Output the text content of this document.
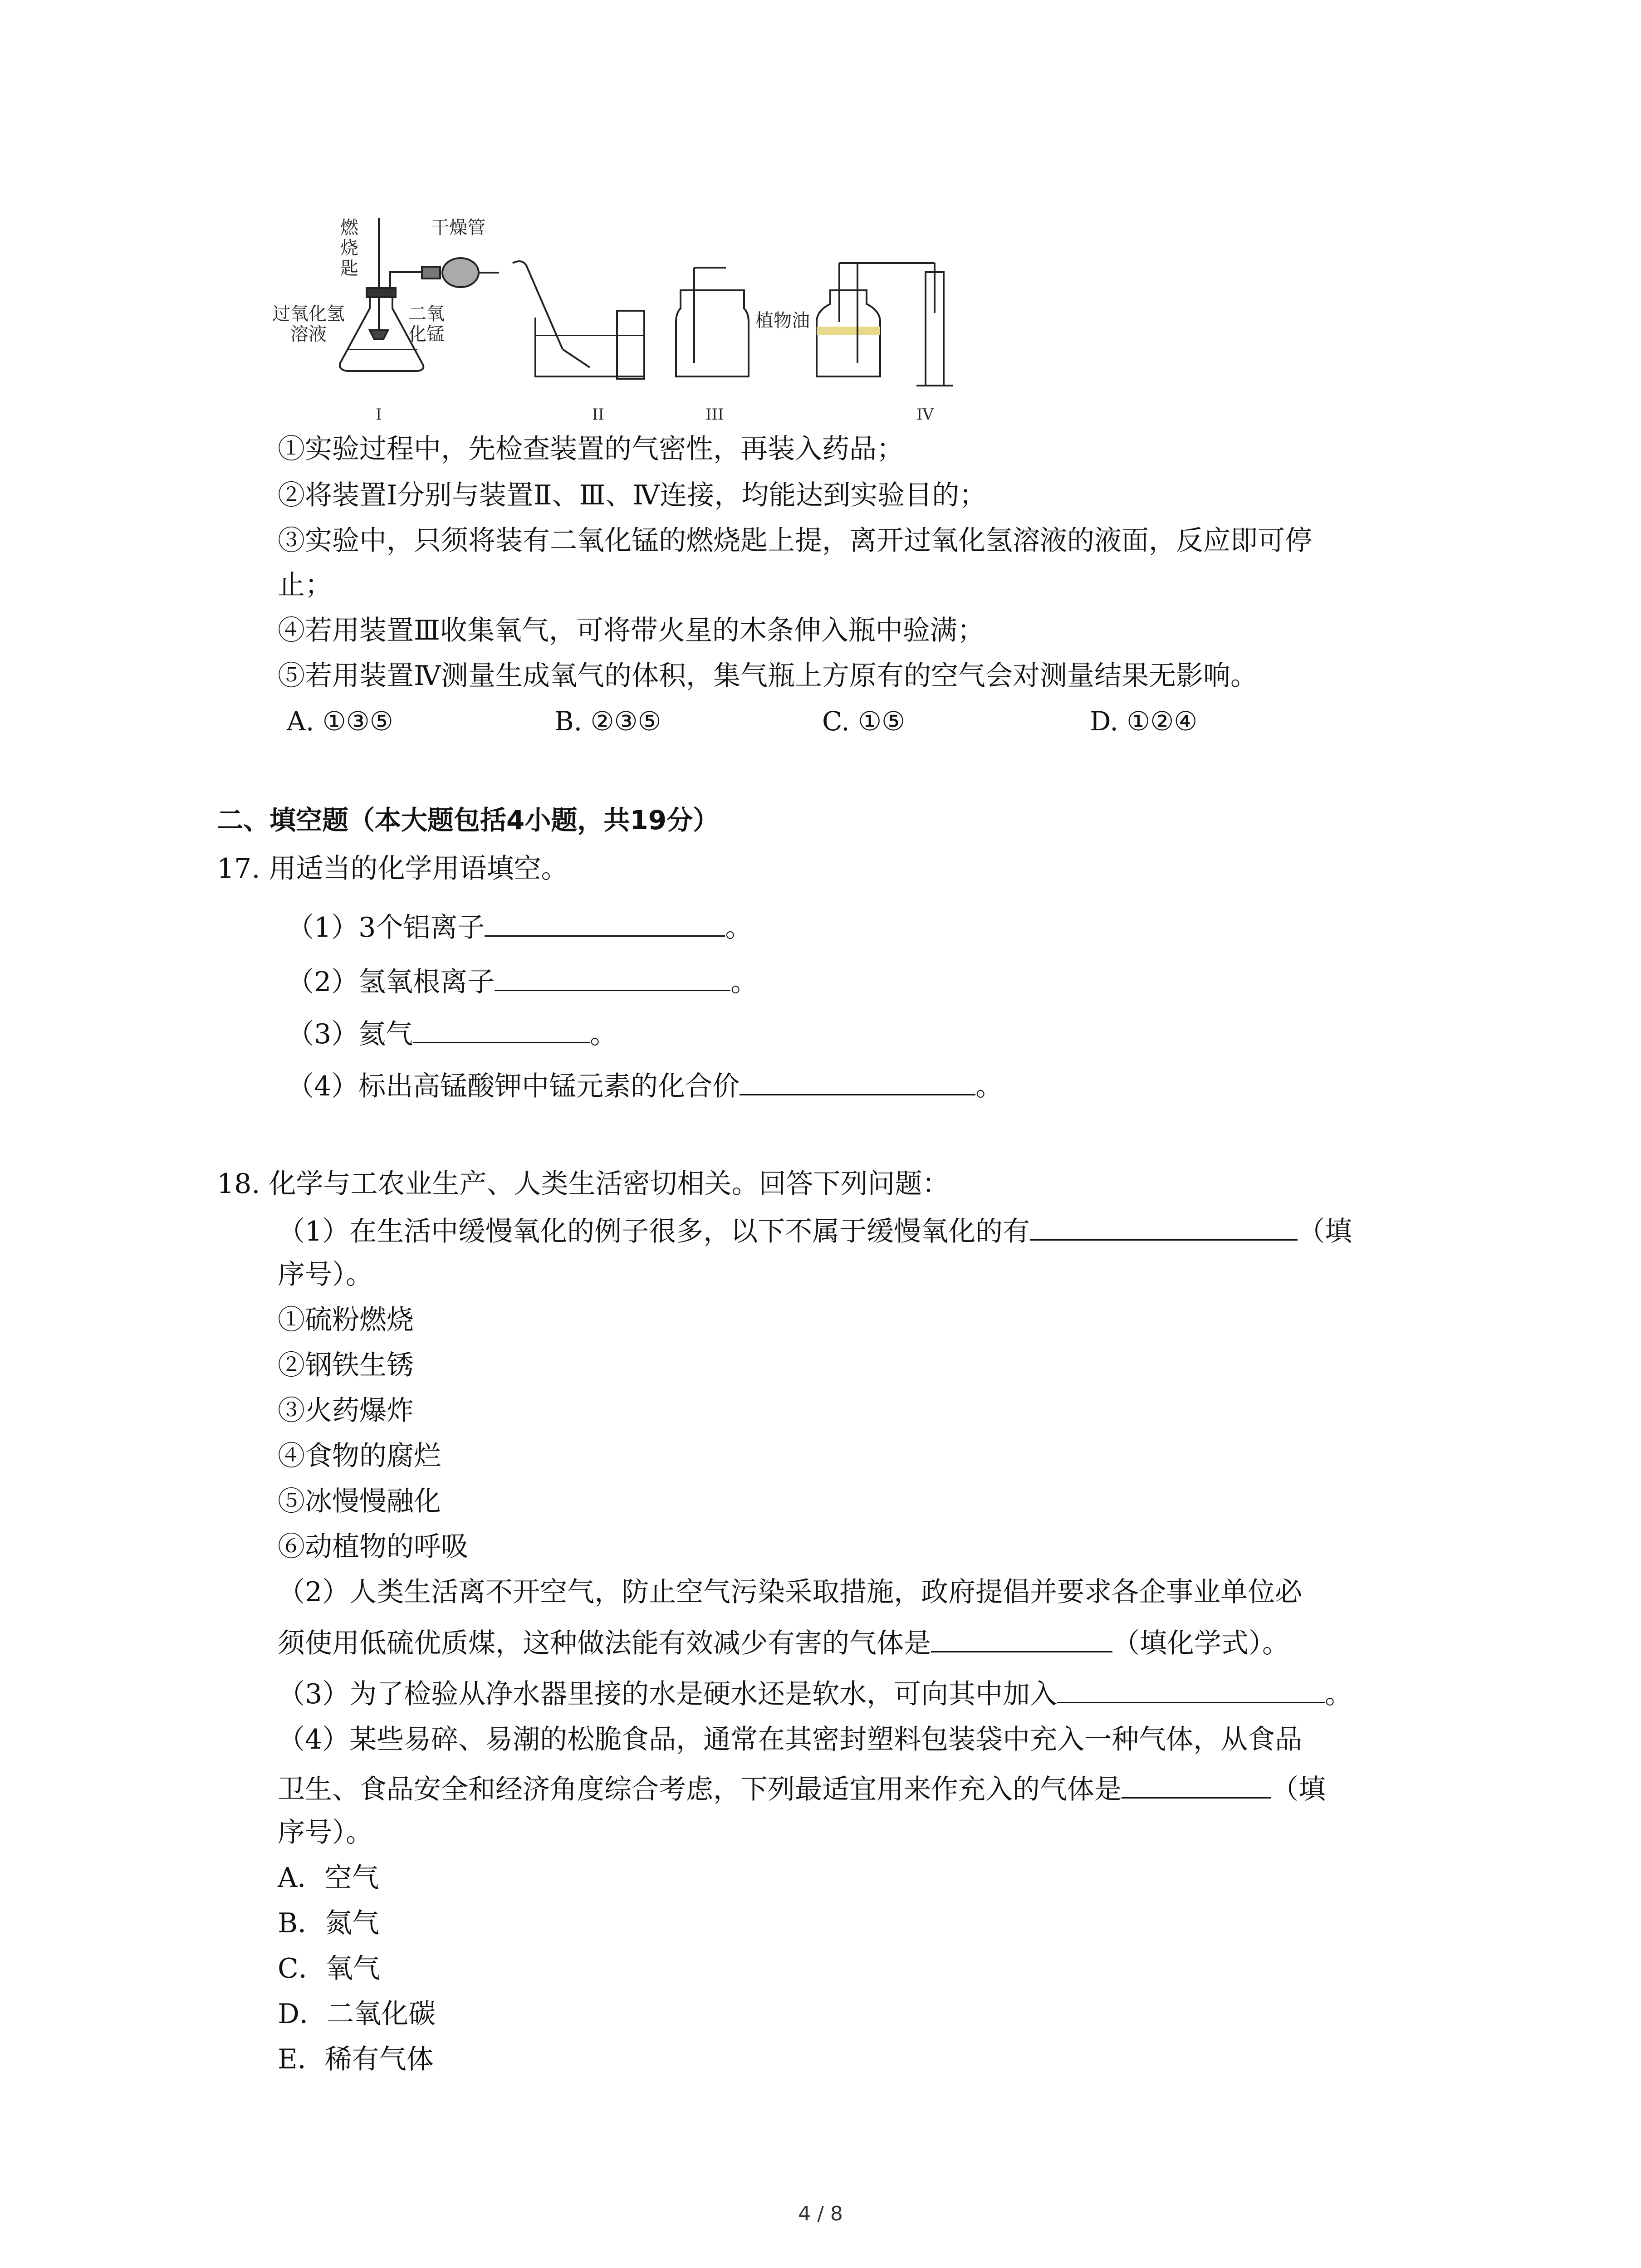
燃
烧
匙
干燥管
过氧化氢
溶液
二氧
化锰
I	II	III
植物油
IV
①实验过程中，先检查装置的气密性，再装入药品；
②将装置Ⅰ分别与装置Ⅱ、Ⅲ、Ⅳ连接，均能达到实验目的；
③实验中，只须将装有二氧化锰的燃烧匙上提，离开过氧化氢溶液的液面，反应即可停
止；
④若用装置Ⅲ收集氧气，可将带火星的木条伸入瓶中验满；
⑤若用装置Ⅳ测量生成氧气的体积，集气瓶上方原有的空气会对测量结果无影响。
A. ①③⑤	B. ②③⑤	C. ①⑤	D. ①②④
二、填空题（本大题包括4小题，共19分）
17. 用适当的化学用语填空。
（1）3个铝离子	。
（2）氢氧根离子	。
（3）氦气	。
（4）标出高锰酸钾中锰元素的化合价	。
18. 化学与工农业生产、人类生活密切相关。回答下列问题：
（1）在生活中缓慢氧化的例子很多，以下不属于缓慢氧化的有	（填
序号）。
①硫粉燃烧
②钢铁生锈
③火药爆炸
④食物的腐烂
⑤冰慢慢融化
⑥动植物的呼吸
（2）人类生活离不开空气，防止空气污染采取措施，政府提倡并要求各企事业单位必
须使用低硫优质煤，这种做法能有效减少有害的气体是	（填化学式）。
（3）为了检验从净水器里接的水是硬水还是软水，可向其中加入	。
（4）某些易碎、易潮的松脆食品，通常在其密封塑料包装袋中充入一种气体，从食品
卫生、食品安全和经济角度综合考虑，下列最适宜用来作充入的气体是	（填
序号）。
A．空气
B．氮气
C．氧气
D．二氧化碳
E．稀有气体
4 / 8
